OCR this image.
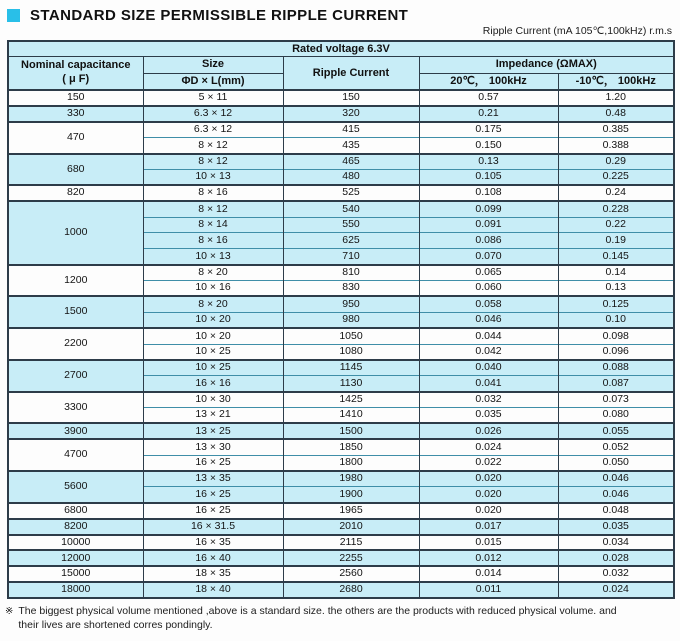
STANDARD SIZE PERMISSIBLE RIPPLE CURRENT
Ripple Current (mA 105℃,100kHz) r.m.s
Rated voltage 6.3V				

Nominal capacitance
( μ F)	Size	Ripple Current	Impedance (ΩMAX)	
	ΦD × L(mm)		20℃， 100kHz	-10℃， 100kHz
150	5 × 11	150	0.57	1.20
330	6.3 × 12	320	0.21	0.48
470	6.3 × 12	415	0.175	0.385
	8 × 12	435	0.150	0.388
680	8 × 12	465	0.13	0.29
	10 × 13	480	0.105	0.225
820	8 × 16	525	0.108	0.24
1000	8 × 12	540	0.099	0.228
	8 × 14	550	0.091	0.22
	8 × 16	625	0.086	0.19
	10 × 13	710	0.070	0.145
1200	8 × 20	810	0.065	0.14
	10 × 16	830	0.060	0.13
1500	8 × 20	950	0.058	0.125
	10 × 20	980	0.046	0.10
2200	10 × 20	1050	0.044	0.098
	10 × 25	1080	0.042	0.096
2700	10 × 25	1145	0.040	0.088
	16 × 16	1130	0.041	0.087
3300	10 × 30	1425	0.032	0.073
	13 × 21	1410	0.035	0.080
3900	13 × 25	1500	0.026	0.055
4700	13 × 30	1850	0.024	0.052
	16 × 25	1800	0.022	0.050
5600	13 × 35	1980	0.020	0.046
	16 × 25	1900	0.020	0.046
6800	16 × 25	1965	0.020	0.048
8200	16 × 31.5	2010	0.017	0.035
10000	16 × 35	2115	0.015	0.034
12000	16 × 40	2255	0.012	0.028
15000	18 × 35	2560	0.014	0.032
18000	18 × 40	2680	0.011	0.024
※ The biggest physical volume mentioned ,above is a standard size. the others are the products with reduced physical volume. and
their lives are shortened corres pondingly.
